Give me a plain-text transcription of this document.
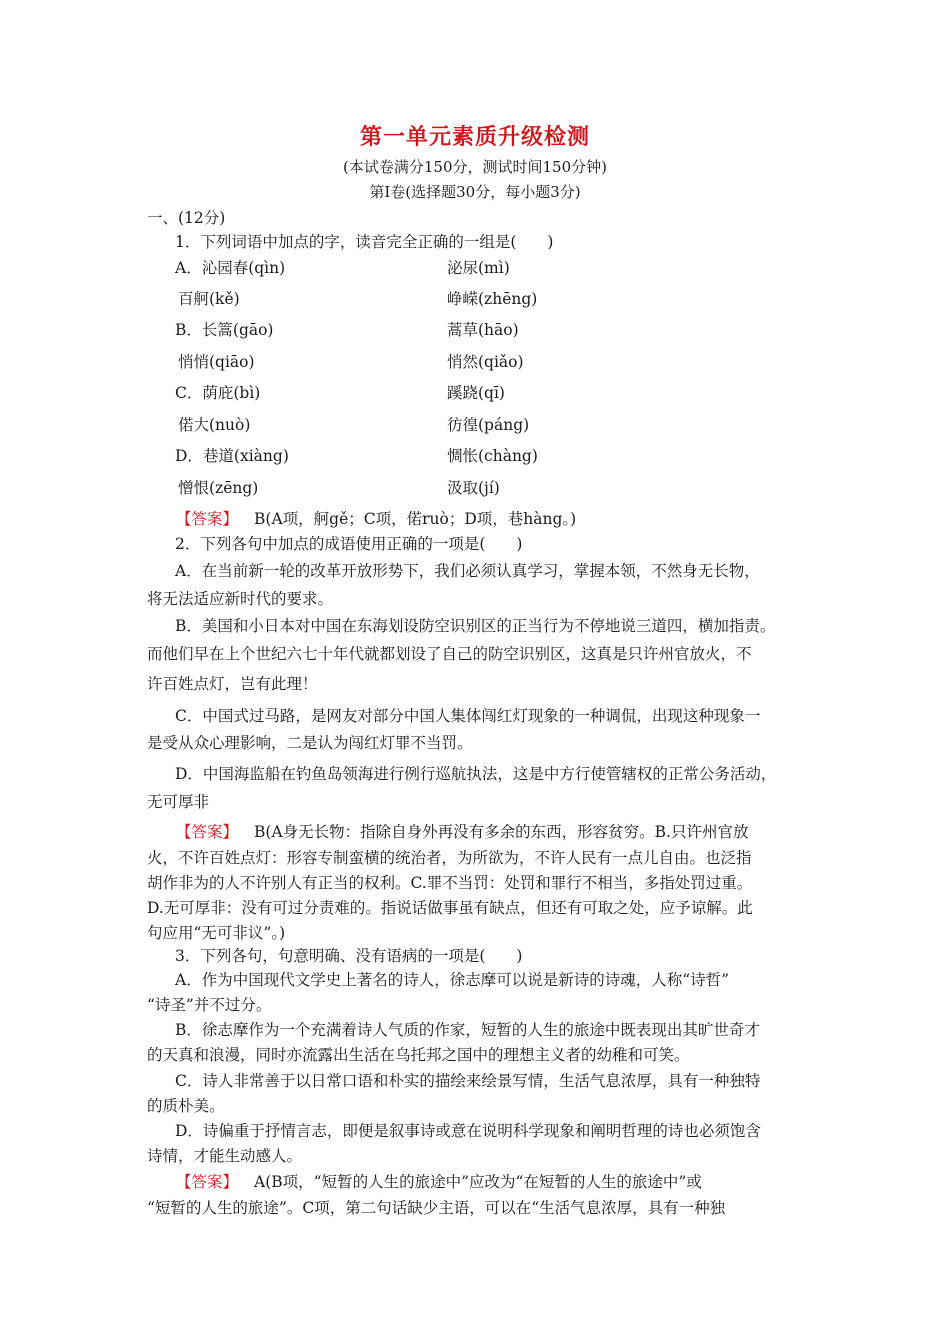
第一单元素质升级检测
(本试卷满分150分，测试时间150分钟)
第Ⅰ卷(选择题30分，每小题3分)
一、(12分)
1．下列词语中加点的字，读音完全正确的一组是(　　)
A．沁园春(qìn)	泌尿(mì)
百舸(kě)	峥嵘(zhēng)
B．长篙(gāo)	蒿草(hāo)
悄悄(qiāo)	悄然(qiǎo)
C．荫庇(bì)	蹊跷(qī)
偌大(nuò)	彷徨(páng)
D．巷道(xiàng)	惆怅(chàng)
憎恨(zēng)	汲取(jí)
【答案】 B(A项，舸gě；C项，偌ruò；D项，巷hàng。)
2．下列各句中加点的成语使用正确的一项是(　　)
A．在当前新一轮的改革开放形势下，我们必须认真学习，掌握本领，不然身无长物，
将无法适应新时代的要求。
B．美国和小日本对中国在东海划设防空识别区的正当行为不停地说三道四，横加指责。
而他们早在上个世纪六七十年代就都划设了自己的防空识别区，这真是只许州官放火，不
许百姓点灯，岂有此理！
C．中国式过马路，是网友对部分中国人集体闯红灯现象的一种调侃，出现这种现象一
是受从众心理影响，二是认为闯红灯罪不当罚。
D．中国海监船在钓鱼岛领海进行例行巡航执法，这是中方行使管辖权的正常公务活动，
无可厚非
【答案】 B(A身无长物：指除自身外再没有多余的东西，形容贫穷。B.只许州官放
火，不许百姓点灯：形容专制蛮横的统治者，为所欲为，不许人民有一点儿自由。也泛指
胡作非为的人不许别人有正当的权利。C.罪不当罚：处罚和罪行不相当，多指处罚过重。
D.无可厚非：没有可过分责难的。指说话做事虽有缺点，但还有可取之处，应予谅解。此
句应用“无可非议”。)
3．下列各句，句意明确、没有语病的一项是(　　)
A．作为中国现代文学史上著名的诗人，徐志摩可以说是新诗的诗魂，人称“诗哲”
“诗圣”并不过分。
B．徐志摩作为一个充满着诗人气质的作家，短暂的人生的旅途中既表现出其旷世奇才
的天真和浪漫，同时亦流露出生活在乌托邦之国中的理想主义者的幼稚和可笑。
C．诗人非常善于以日常口语和朴实的描绘来绘景写情，生活气息浓厚，具有一种独特
的质朴美。
D．诗偏重于抒情言志，即便是叙事诗或意在说明科学现象和阐明哲理的诗也必须饱含
诗情，才能生动感人。
【答案】 A(B项，“短暂的人生的旅途中”应改为“在短暂的人生的旅途中”或
“短暂的人生的旅途”。C项，第二句话缺少主语，可以在“生活气息浓厚，具有一种独
